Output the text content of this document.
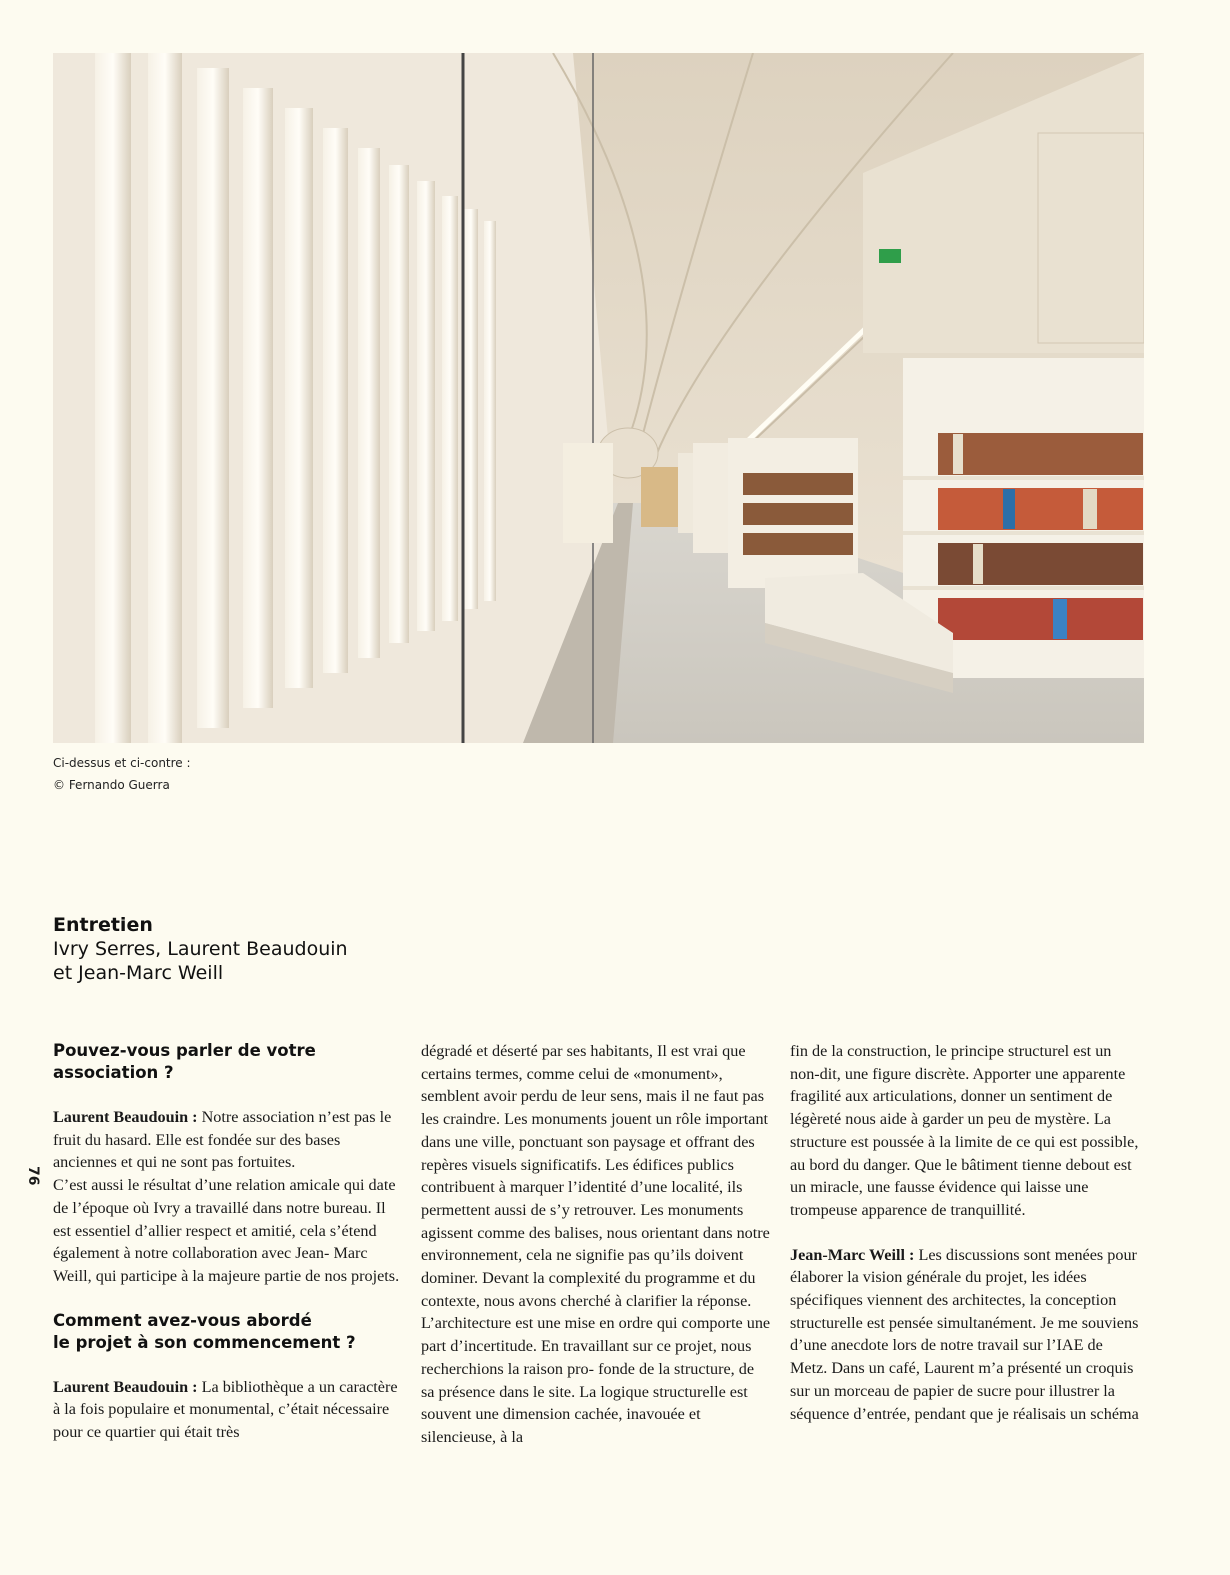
Ci-dessus et ci-contre :
© Fernando Guerra
76
Entretien
Ivry Serres, Laurent Beaudouin
et Jean-Marc Weill
Pouvez-vous parler de votre
association ?

Laurent Beaudouin : Notre association n’est pas le fruit du hasard. Elle est fondée sur des bases anciennes et qui ne sont pas fortuites.

C’est aussi le résultat d’une relation amicale qui date de l’époque où Ivry a travaillé dans notre bureau. Il est essentiel d’allier respect et amitié, cela s’étend également à notre collaboration avec Jean- Marc Weill, qui participe à la majeure partie de nos projets.

Comment avez-vous abordé
le projet à son commencement ?

Laurent Beaudouin : La bibliothèque a un caractère à la fois populaire et monumental, c’était nécessaire pour ce quartier qui était très

dégradé et déserté par ses habitants, Il est vrai que certains termes, comme celui de «monument», semblent avoir perdu de leur sens, mais il ne faut pas les craindre. Les monuments jouent un rôle important dans une ville, ponctuant son paysage et offrant des repères visuels significatifs. Les édifices publics contribuent à marquer l’identité d’une localité, ils permettent aussi de s’y retrouver. Les monuments agissent comme des balises, nous orientant dans notre environnement, cela ne signifie pas qu’ils doivent dominer. Devant la complexité du programme et du contexte, nous avons cherché à clarifier la réponse. L’architecture est une mise en ordre qui comporte une part d’incertitude. En travaillant sur ce projet, nous recherchions la raison pro- fonde de la structure, de sa présence dans le site. La logique structurelle est souvent une dimension cachée, inavouée et silencieuse, à la

fin de la construction, le principe structurel est un non-dit, une figure discrète. Apporter une apparente fragilité aux articulations, donner un sentiment de légèreté nous aide à garder un peu de mystère. La structure est poussée à la limite de ce qui est possible, au bord du danger. Que le bâtiment tienne debout est un miracle, une fausse évidence qui laisse une trompeuse apparence de tranquillité.

Jean-Marc Weill : Les discussions sont menées pour élaborer la vision générale du projet, les idées spécifiques viennent des architectes, la conception structurelle est pensée simultanément. Je me souviens d’une anecdote lors de notre travail sur l’IAE de Metz. Dans un café, Laurent m’a présenté un croquis sur un morceau de papier de sucre pour illustrer la séquence d’entrée, pendant que je réalisais un schéma
